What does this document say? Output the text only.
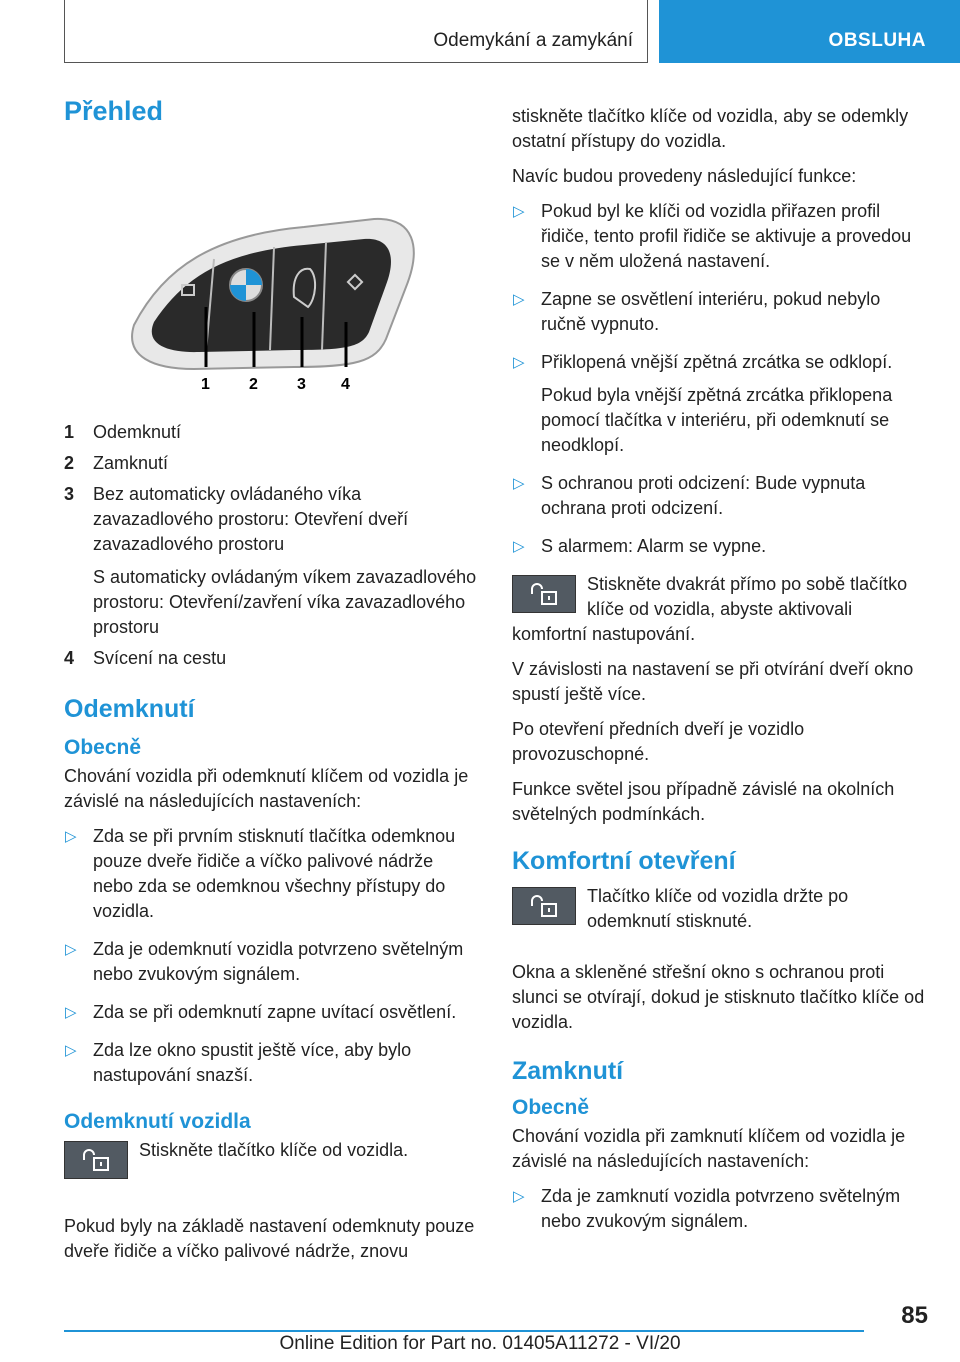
Odemykání a zamykání	OBSLUHA
Přehled
1 2 3 4
1 Odemknutí
2 Zamknutí
3 Bez automaticky ovládaného víka zavazadlového prostoru: Otevření dveří zavazadlového prostoru
S automaticky ovládaným víkem zavazadlového prostoru: Otevření/zavření víka zavazadlového prostoru
4 Svícení na cestu
Odemknutí
Obecně

Chování vozidla při odemknutí klíčem od vozidla je závislé na následujících nastaveních:

▷ Zda se při prvním stisknutí tlačítka odemknou pouze dveře řidiče a víčko palivové nádrže nebo zda se odemknou všechny přístupy do vozidla.
▷ Zda je odemknutí vozidla potvrzeno světelným nebo zvukovým signálem.
▷ Zda se při odemknutí zapne uvítací osvětlení.
▷ Zda lze okno spustit ještě více, aby bylo nastupování snazší.
Odemknutí vozidla
Stiskněte tlačítko klíče od vozidla.

Pokud byly na základě nastavení odemknuty pouze dveře řidiče a víčko palivové nádrže, znovu

stiskněte tlačítko klíče od vozidla, aby se odemkly ostatní přístupy do vozidla.

Navíc budou provedeny následující funkce:

▷ Pokud byl ke klíči od vozidla přiřazen profil řidiče, tento profil řidiče se aktivuje a provedou se v něm uložená nastavení.
▷ Zapne se osvětlení interiéru, pokud nebylo ručně vypnuto.
▷ Přiklopená vnější zpětná zrcátka se odklopí.
Pokud byla vnější zpětná zrcátka přiklopena pomocí tlačítka v interiéru, při odemknutí se neodklopí.
▷ S ochranou proti odcizení: Bude vypnuta ochrana proti odcizení.
▷ S alarmem: Alarm se vypne.
Stiskněte dvakrát přímo po sobě tlačítko klíče od vozidla, abyste aktivovali komfortní nastupování.

V závislosti na nastavení se při otvírání dveří okno spustí ještě více.

Po otevření předních dveří je vozidlo provozuschopné.

Funkce světel jsou případně závislé na okolních světelných podmínkách.

Komfortní otevření
Tlačítko klíče od vozidla držte po odemknutí stisknuté.

Okna a skleněné střešní okno s ochranou proti slunci se otvírají, dokud je stisknuto tlačítko klíče od vozidla.

Zamknutí
Obecně

Chování vozidla při zamknutí klíčem od vozidla je závislé na následujících nastaveních:

▷ Zda je zamknutí vozidla potvrzeno světelným nebo zvukovým signálem.
85
Online Edition for Part no. 01405A11272 - VI/20
